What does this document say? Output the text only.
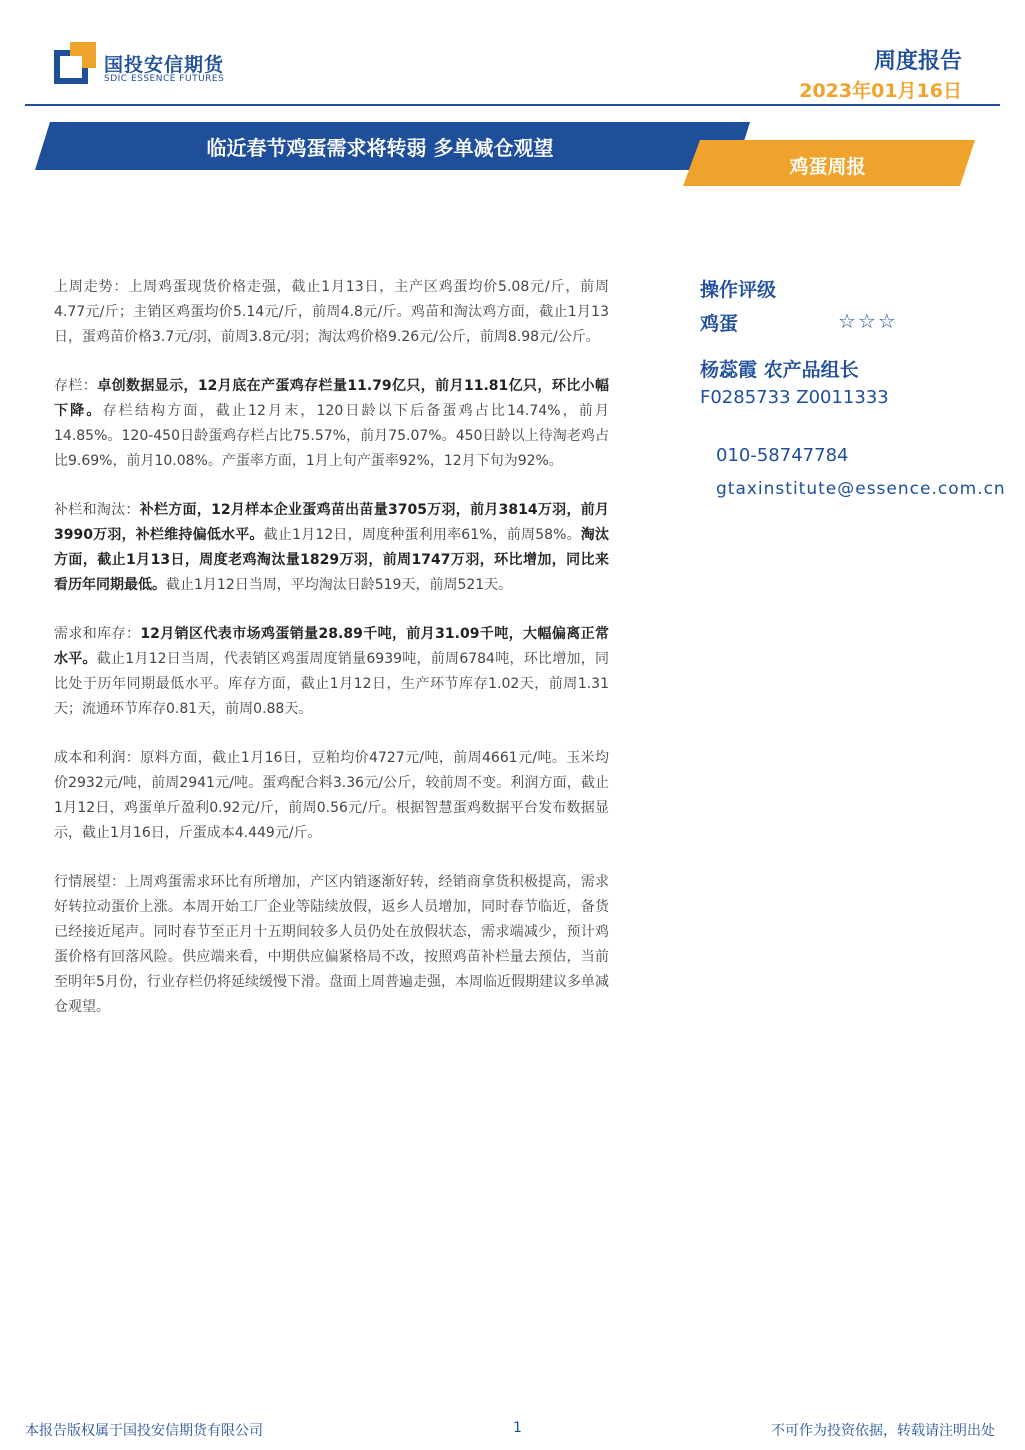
国投安信期货
SDIC ESSENCE FUTURES
周度报告
2023年01月16日
临近春节鸡蛋需求将转弱 多单减仓观望
鸡蛋周报

上周走势：上周鸡蛋现货价格走强，截止1月13日，主产区鸡蛋均价5.08元/斤，前周4.77元/斤；主销区鸡蛋均价5.14元/斤，前周4.8元/斤。鸡苗和淘汰鸡方面，截止1月13日，蛋鸡苗价格3.7元/羽，前周3.8元/羽；淘汰鸡价格9.26元/公斤，前周8.98元/公斤。

存栏：卓创数据显示，12月底在产蛋鸡存栏量11.79亿只，前月11.81亿只，环比小幅下降。存栏结构方面，截止12月末，120日龄以下后备蛋鸡占比14.74%，前月14.85%。120-450日龄蛋鸡存栏占比75.57%，前月75.07%。450日龄以上待淘老鸡占比9.69%，前月10.08%。产蛋率方面，1月上旬产蛋率92%，12月下旬为92%。

补栏和淘汰：补栏方面，12月样本企业蛋鸡苗出苗量3705万羽，前月3814万羽，前月3990万羽，补栏维持偏低水平。截止1月12日，周度种蛋利用率61%，前周58%。淘汰方面，截止1月13日，周度老鸡淘汰量1829万羽，前周1747万羽，环比增加，同比来看历年同期最低。截止1月12日当周，平均淘汰日龄519天，前周521天。

需求和库存：12月销区代表市场鸡蛋销量28.89千吨，前月31.09千吨，大幅偏离正常水平。截止1月12日当周，代表销区鸡蛋周度销量6939吨，前周6784吨，环比增加，同比处于历年同期最低水平。库存方面，截止1月12日，生产环节库存1.02天，前周1.31天；流通环节库存0.81天，前周0.88天。

成本和利润：原料方面，截止1月16日，豆粕均价4727元/吨，前周4661元/吨。玉米均价2932元/吨，前周2941元/吨。蛋鸡配合料3.36元/公斤，较前周不变。利润方面，截止1月12日，鸡蛋单斤盈利0.92元/斤，前周0.56元/斤。根据智慧蛋鸡数据平台发布数据显示，截止1月16日，斤蛋成本4.449元/斤。

行情展望：上周鸡蛋需求环比有所增加，产区内销逐渐好转，经销商拿货积极提高，需求好转拉动蛋价上涨。本周开始工厂企业等陆续放假，返乡人员增加，同时春节临近，备货已经接近尾声。同时春节至正月十五期间较多人员仍处在放假状态，需求端减少，预计鸡蛋价格有回落风险。供应端来看，中期供应偏紧格局不改，按照鸡苗补栏量去预估，当前至明年5月份，行业存栏仍将延续缓慢下滑。盘面上周普遍走强，本周临近假期建议多单减仓观望。

操作评级
鸡蛋	☆☆☆
杨蕊霞 农产品组长
F0285733 Z0011333
010-58747784
gtaxinstitute@essence.com.cn
本报告版权属于国投安信期货有限公司	1	不可作为投资依据，转载请注明出处
